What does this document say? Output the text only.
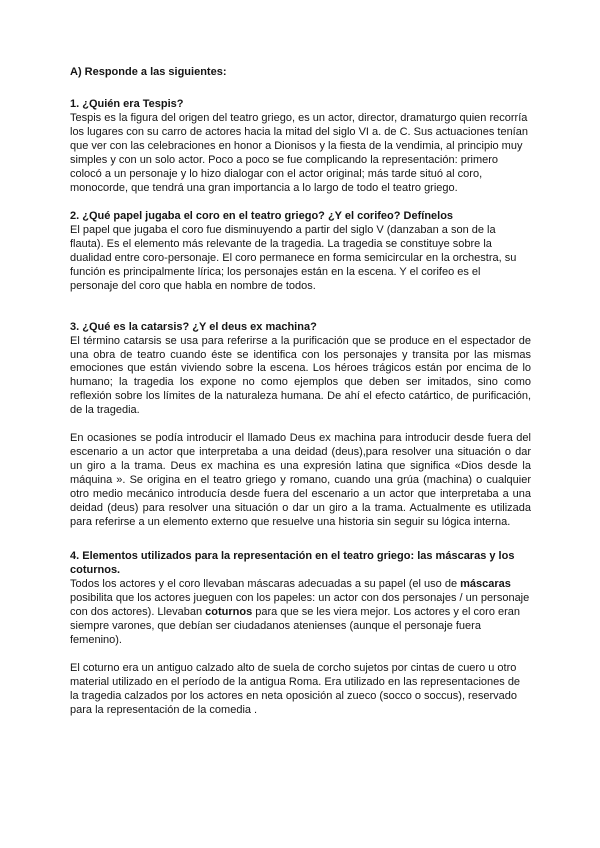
A) Responde a las siguientes:

1. ¿Quién era Tespis?

Tespis es la figura del origen del teatro griego, es un actor, director, dramaturgo quien recorría los lugares con su carro de actores hacia la mitad del siglo VI a. de C. Sus actuaciones tenían que ver con las celebraciones en honor a Dionisos y la fiesta de la vendimia, al principio muy simples y con un solo actor. Poco a poco se fue complicando la representación: primero colocó a un personaje y lo hizo dialogar con el actor original; más tarde situó al coro, monocorde, que tendrá una gran importancia a lo largo de todo el teatro griego.

2. ¿Qué papel jugaba el coro en el teatro griego? ¿Y el corifeo? Defínelos

El papel que jugaba el coro fue disminuyendo a partir del siglo V (danzaban a son de la flauta). Es el elemento más relevante de la tragedia. La tragedia se constituye sobre la dualidad entre coro-personaje. El coro permanece en forma semicircular en la orchestra, su función es principalmente lírica; los personajes están en la escena. Y el corifeo es el personaje del coro que habla en nombre de todos.

3. ¿Qué es la catarsis? ¿Y el deus ex machina?

El término catarsis se usa para referirse a la purificación que se produce en el espectador de una obra de teatro cuando éste se identifica con los personajes y transita por las mismas emociones que están viviendo sobre la escena. Los héroes trágicos están por encima de lo humano; la tragedia los expone no como ejemplos que deben ser imitados, sino como reflexión sobre los límites de la naturaleza humana. De ahí el efecto catártico, de purificación, de la tragedia.

En ocasiones se podía introducir el llamado Deus ex machina para introducir desde fuera del escenario a un actor que interpretaba a una deidad (deus),para resolver una situación o dar un giro a la trama. Deus ex machina es una expresión latina que significa «Dios desde la máquina ». Se origina en el teatro griego y romano, cuando una grúa (machina) o cualquier otro medio mecánico introducía desde fuera del escenario a un actor que interpretaba a una deidad (deus) para resolver una situación o dar un giro a la trama. Actualmente es utilizada para referirse a un elemento externo que resuelve una historia sin seguir su lógica interna.

4. Elementos utilizados para la representación en el teatro griego: las máscaras y los coturnos.

Todos los actores y el coro llevaban máscaras adecuadas a su papel (el uso de máscaras posibilita que los actores jueguen con los papeles: un actor con dos personajes / un personaje con dos actores). Llevaban coturnos para que se les viera mejor. Los actores y el coro eran siempre varones, que debían ser ciudadanos atenienses (aunque el personaje fuera femenino).

El coturno era un antiguo calzado alto de suela de corcho sujetos por cintas de cuero u otro material utilizado en el período de la antigua Roma. Era utilizado en las representaciones de la tragedia calzados por los actores en neta oposición al zueco (socco o soccus), reservado para la representación de la comedia .
